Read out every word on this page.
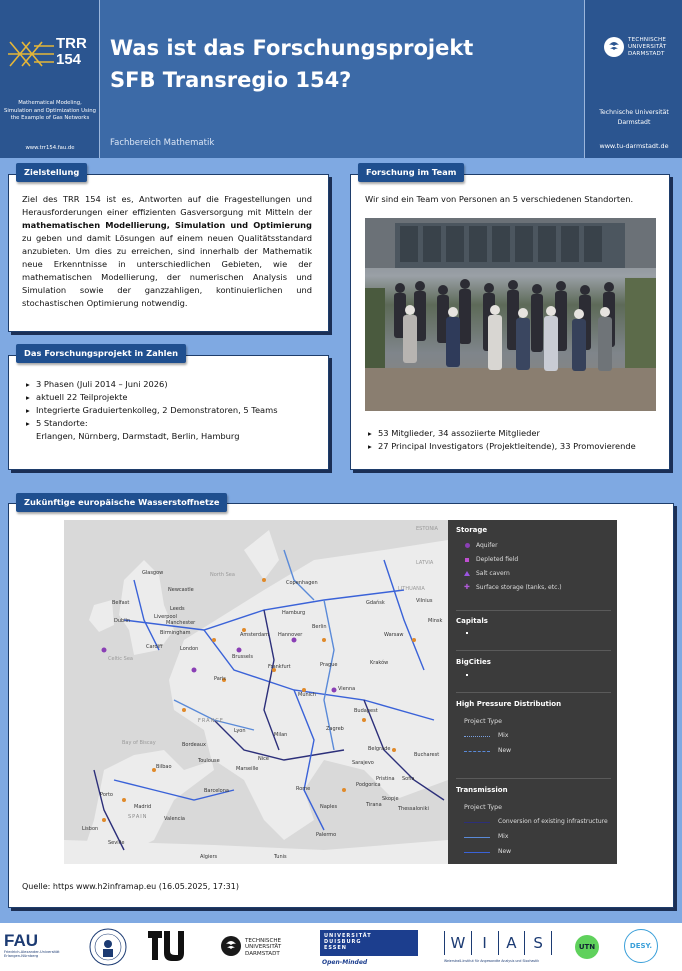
TRR
154
Mathematical Modeling, Simulation and Optimization Using the Example of Gas Networks
www.trr154.fau.de
Was ist das Forschungsprojekt
SFB Transregio 154?
Fachbereich Mathematik
TECHNISCHE
UNIVERSITÄT
DARMSTADT
Technische Universität
Darmstadt
www.tu-darmstadt.de
Zielstellung
Ziel des TRR 154 ist es, Antworten auf die Fragestellungen und Herausforderungen einer effizienten Gasversorgung mit Mitteln der mathematischen Modellierung, Simulation und Optimierung zu geben und damit Lösungen auf einem neuen Qualitätsstandard anzubieten. Um dies zu erreichen, sind innerhalb der Mathematik neue Erkenntnisse in unterschiedlichen Gebieten, wie der mathematischen Modellierung, der numerischen Analysis und Simulation sowie der ganzzahligen, kontinuierlichen und stochastischen Optimierung notwendig.
Das Forschungsprojekt in Zahlen
▸ 3 Phasen (Juli 2014 – Juni 2026)
▸ aktuell 22 Teilprojekte
▸ Integrierte Graduiertenkolleg, 2 Demonstratoren, 5 Teams
▸ 5 Standorte:
Erlangen, Nürnberg, Darmstadt, Berlin, Hamburg
Forschung im Team
Wir sind ein Team von Personen an 5 verschiedenen Standorten.
▸ 53 Mitglieder, 34 assoziierte Mitglieder
▸ 27 Principal Investigators (Projektleitende), 33 Promovierende
Zukünftige europäische Wasserstoffnetze
Glasgow
Newcastle
Belfast
Leeds
Liverpool
Manchester
Dublin
Birmingham
Cardiff	London
Copenhagen
Hamburg
Amsterdam Hannover
Berlin
Gdańsk	Vilnius
Warsaw
Minsk
Brussels
Frankfurt	Prague	Kraków
Paris
Munich
Vienna
Budapest
FRANCE
Lyon
Milan
Zagreb
Bordeaux
Belgrade
Bucharest
Toulouse	Nice
Marseille
Sarajevo
Bilbao
Barcelona
Sofia
Pristina
Porto
Podgorica
Rome
Madrid
Skopje
Tirana
Thessaloniki
Naples
Valencia
Lisbon
Seville
Palermo
Algiers	Tunis
North Sea
Celtic Sea
Bay of Biscay
SPAIN
ESTONIA
LATVIA
LITHUANIA
Storage
Aquifer
Depleted field
Salt cavern
✚ Surface storage (tanks, etc.)
Capitals
BigCities
High Pressure Distribution
Project Type
Mix
New
Transmission
Project Type
Conversion of existing infrastructure
Mix
New
Quelle: https www.h2inframap.eu (16.05.2025, 17:31)
FAU
Friedrich-Alexander-Universität Erlangen-Nürnberg
TECHNISCHE
UNIVERSITÄT
DARMSTADT
UNIVERSITÄT
DUISBURG
ESSEN
Open-Minded
W	I	A	S
Weierstraß-Institut für Angewandte Analysis und Stochastik
UTN	DESY.
